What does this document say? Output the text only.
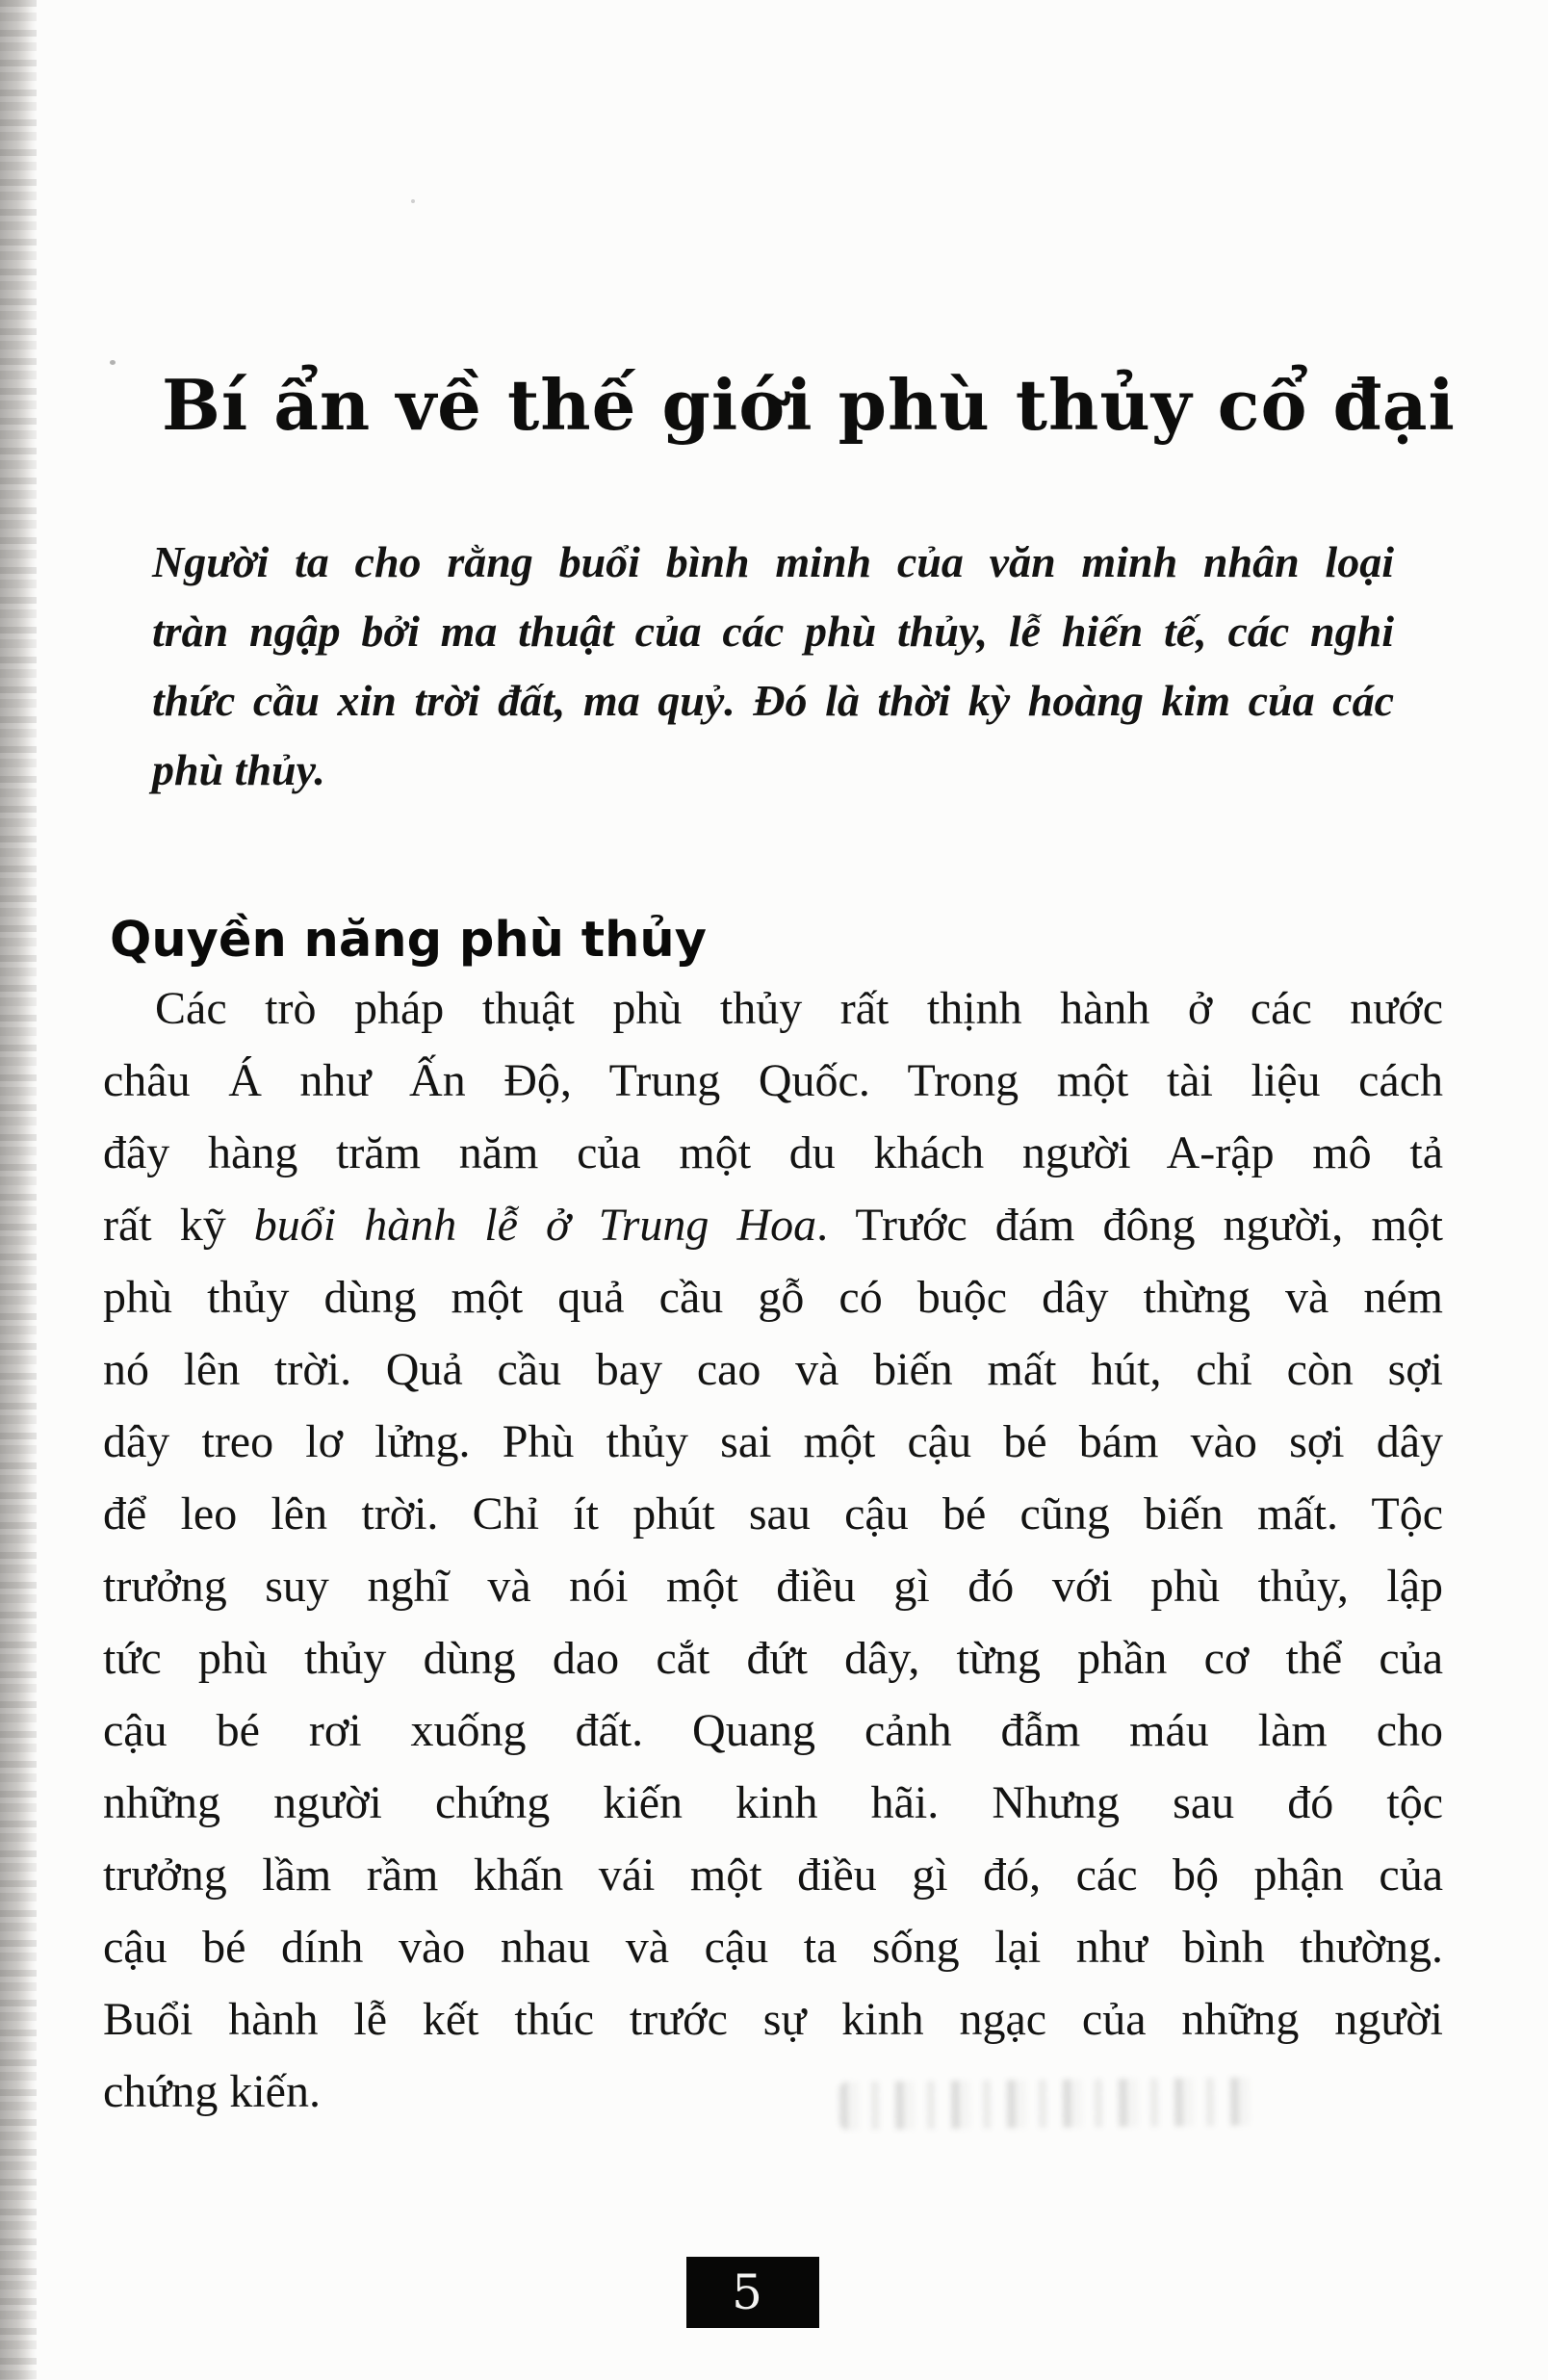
Bí ẩn về thế giới phù thủy cổ đại
Người ta cho rằng buổi bình minh của văn minh nhân loại
tràn ngập bởi ma thuật của các phù thủy, lễ hiến tế, các nghi
thức cầu xin trời đất, ma quỷ. Đó là thời kỳ hoàng kim của các
phù thủy.
Quyền năng phù thủy
Các trò pháp thuật phù thủy rất thịnh hành ở các nước
châu Á như Ấn Độ, Trung Quốc. Trong một tài liệu cách
đây hàng trăm năm của một du khách người A-rập mô tả
rất kỹ buổi hành lễ ở Trung Hoa. Trước đám đông người, một
phù thủy dùng một quả cầu gỗ có buộc dây thừng và ném
nó lên trời. Quả cầu bay cao và biến mất hút, chỉ còn sợi
dây treo lơ lửng. Phù thủy sai một cậu bé bám vào sợi dây
để leo lên trời. Chỉ ít phút sau cậu bé cũng biến mất. Tộc
trưởng suy nghĩ và nói một điều gì đó với phù thủy, lập
tức phù thủy dùng dao cắt đứt dây, từng phần cơ thể của
cậu bé rơi xuống đất. Quang cảnh đẫm máu làm cho
những người chứng kiến kinh hãi. Nhưng sau đó tộc
trưởng lầm rầm khấn vái một điều gì đó, các bộ phận của
cậu bé dính vào nhau và cậu ta sống lại như bình thường.
Buổi hành lễ kết thúc trước sự kinh ngạc của những người
chứng kiến.
5
